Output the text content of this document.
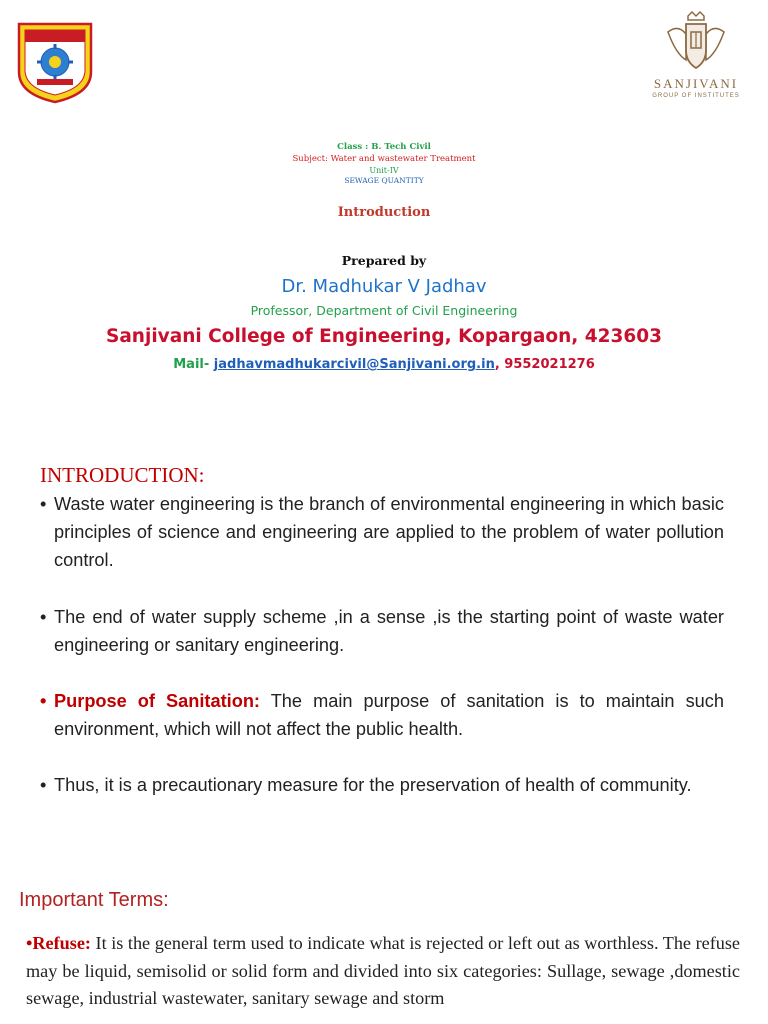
SANJIVANI
GROUP OF INSTITUTES
Class : B. Tech Civil
Subject: Water and wastewater Treatment
Unit-IV
SEWAGE QUANTITY
Introduction
Prepared by
Dr. Madhukar V Jadhav
Professor, Department of Civil Engineering
Sanjivani College of Engineering, Kopargaon, 423603
Mail- jadhavmadhukarcivil@Sanjivani.org.in, 9552021276
INTRODUCTION:
• Waste water engineering is the branch of environmental engineering in which basic principles of science and engineering are applied to the problem of water pollution control.
• The end of water supply scheme ,in a sense ,is the starting point of waste water engineering or sanitary engineering.
• Purpose of Sanitation: The main purpose of sanitation is to maintain such environment, which will not affect the public health.
• Thus, it is a precautionary measure for the preservation of health of community.
Important Terms:
•Refuse: It is the general term used to indicate what is rejected or left out as worthless. The refuse may be liquid, semisolid or solid form and divided into six categories: Sullage, sewage ,domestic sewage, industrial wastewater, sanitary sewage and storm
